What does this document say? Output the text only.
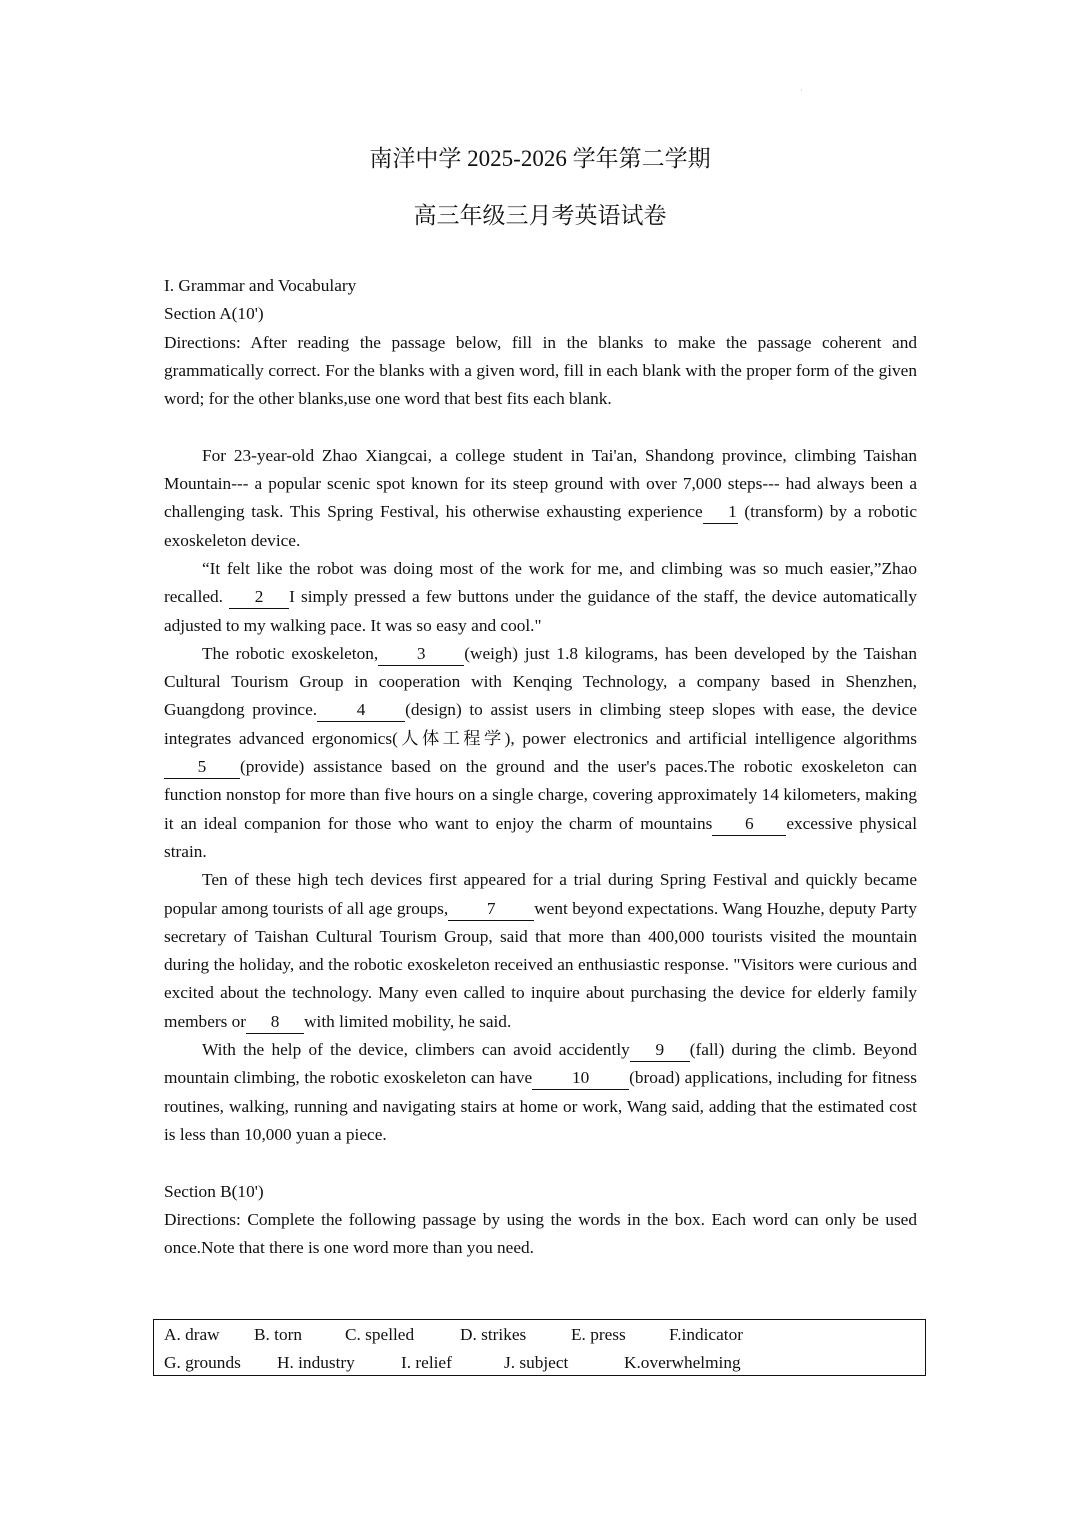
·
南洋中学 2025-2026 学年第二学期
高三年级三月考英语试卷

I. Grammar and Vocabulary

Section A(10')

Directions: After reading the passage below, fill in the blanks to make the passage coherent and grammatically correct. For the blanks with a given word, fill in each blank with the proper form of the given word; for the other blanks,use one word that best fits each blank.

For 23-year-old Zhao Xiangcai, a college student in Tai'an, Shandong province, climbing Taishan Mountain--- a popular scenic spot known for its steep ground with over 7,000 steps--- had always been a challenging task. This Spring Festival, his otherwise exhausting experience 1 (transform) by a robotic exoskeleton device.

“It felt like the robot was doing most of the work for me, and climbing was so much easier,”Zhao recalled. 2 I simply pressed a few buttons under the guidance of the staff, the device automatically adjusted to my walking pace. It was so easy and cool."

The robotic exoskeleton, 3 (weigh) just 1.8 kilograms, has been developed by the Taishan Cultural Tourism Group in cooperation with Kenqing Technology, a company based in Shenzhen, Guangdong province. 4 (design) to assist users in climbing steep slopes with ease, the device integrates advanced ergonomics(人体工程学), power electronics and artificial intelligence algorithms5 (provide) assistance based on the ground and the user's paces.The robotic exoskeleton can function nonstop for more than five hours on a single charge, covering approximately 14 kilometers, making it an ideal companion for those who want to enjoy the charm of mountains 6 excessive physical strain.

Ten of these high tech devices first appeared for a trial during Spring Festival and quickly became popular among tourists of all age groups, 7 went beyond expectations. Wang Houzhe, deputy Party secretary of Taishan Cultural Tourism Group, said that more than 400,000 tourists visited the mountain during the holiday, and the robotic exoskeleton received an enthusiastic response. "Visitors were curious and excited about the technology. Many even called to inquire about purchasing the device for elderly family members or 8 with limited mobility, he said.

With the help of the device, climbers can avoid accidently 9 (fall) during the climb. Beyond mountain climbing, the robotic exoskeleton can have 10 (broad) applications, including for fitness routines, walking, running and navigating stairs at home or work, Wang said, adding that the estimated cost is less than 10,000 yuan a piece.

Section B(10')

Directions: Complete the following passage by using the words in the box. Each word can only be used once.Note that there is one word more than you need.

A. draw B. torn C. spelled	D. strikes	E. press	F.indicator
G. grounds H. industry	I. relief	J. subject	K.overwhelming
